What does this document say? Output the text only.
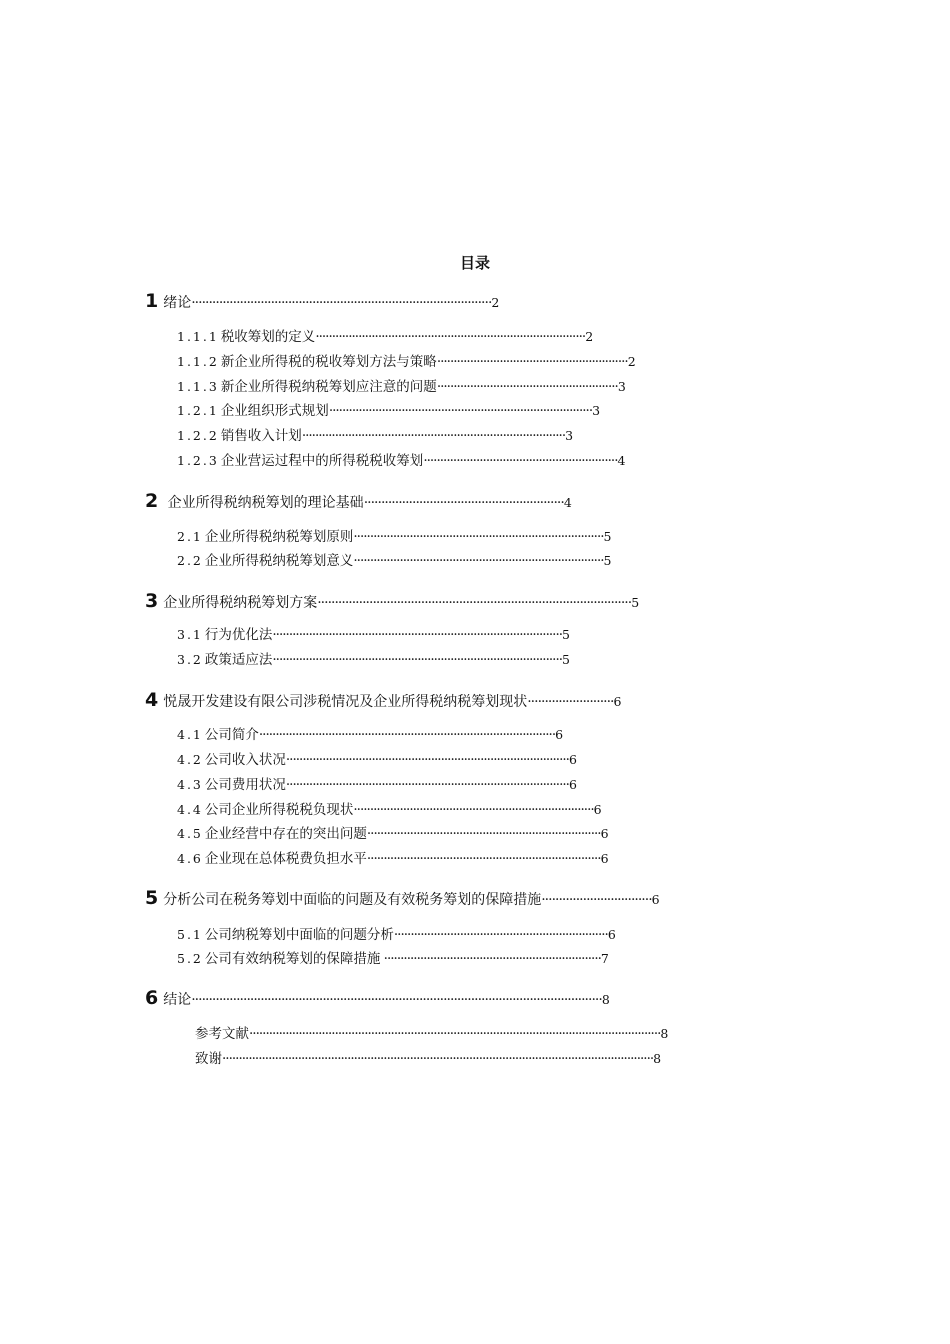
目录
1 绪论·······················································································2
1.1.1 税收筹划的定义··················································································2
1.1.2 新企业所得税的税收筹划方法与策略··························································2
1.1.3 新企业所得税纳税筹划应注意的问题·······················································3
1.2.1 企业组织形式规划················································································3
1.2.2 销售收入计划················································································3
1.2.3 企业营运过程中的所得税税收筹划···························································4
2 企业所得税纳税筹划的理论基础··························································4
2.1 企业所得税纳税筹划原则············································································5
2.2 企业所得税纳税筹划意义············································································5
3 企业所得税纳税筹划方案···························································································5
3.1 行为优化法························································································5
3.2 政策适应法························································································5
4 悦晟开发建设有限公司涉税情况及企业所得税纳税筹划现状·························6
4.1 公司简介··························································································6
4.2 公司收入状况······················································································6
4.3 公司费用状况······················································································6
4.4 公司企业所得税税负现状·········································································6
4.5 企业经营中存在的突出问题·······································································6
4.6 企业现在总体税费负担水平·······································································6
5 分析公司在税务筹划中面临的问题及有效税务筹划的保障措施································6
5.1 公司纳税筹划中面临的问题分析·································································6
5.2 公司有效纳税筹划的保障措施 ··································································7
6 结论·······················································································································8
参考文献·····························································································································8
致谢···································································································································8
